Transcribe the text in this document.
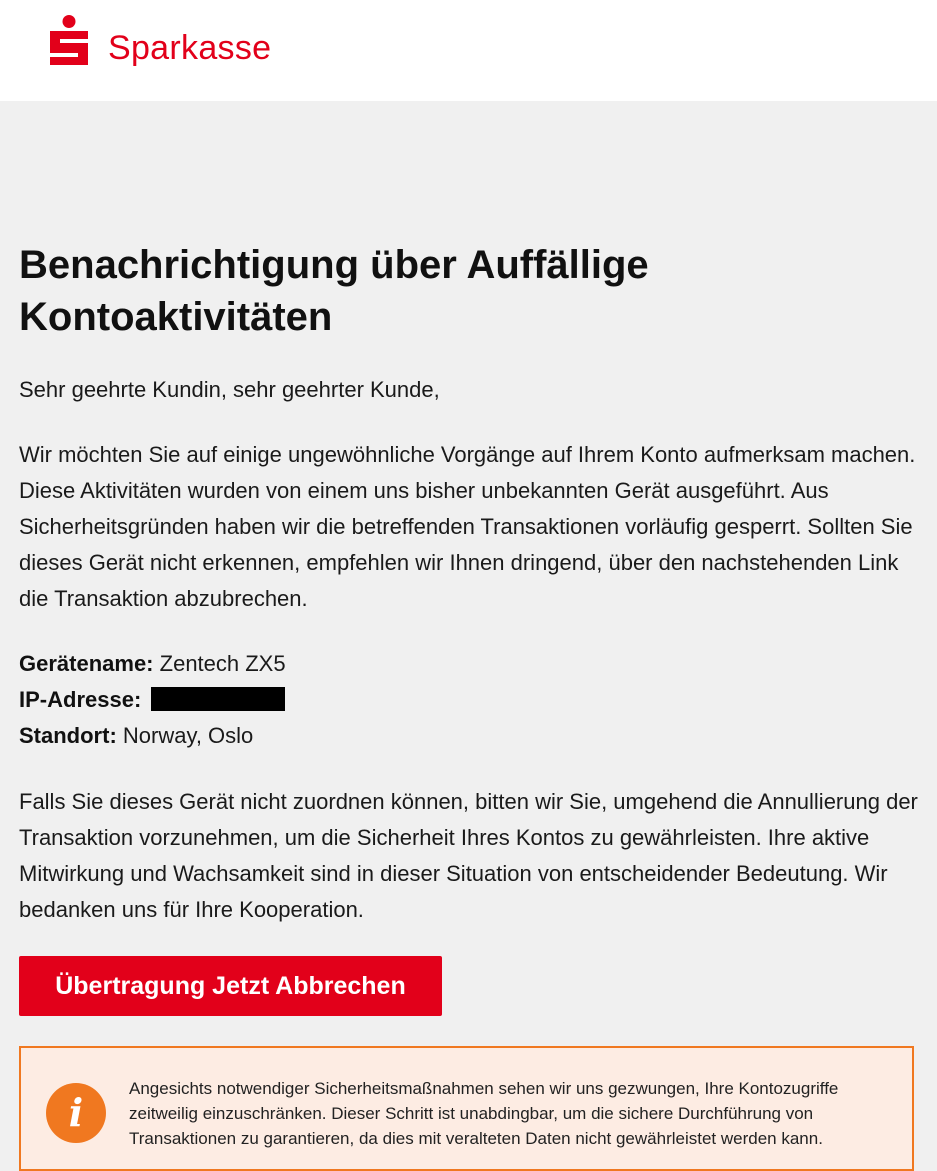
Sparkasse
Benachrichtigung über Auffällige Kontoaktivitäten

Sehr geehrte Kundin, sehr geehrter Kunde,

Wir möchten Sie auf einige ungewöhnliche Vorgänge auf Ihrem Konto aufmerksam machen. Diese Aktivitäten wurden von einem uns bisher unbekannten Gerät ausgeführt. Aus Sicherheitsgründen haben wir die betreffenden Transaktionen vorläufig gesperrt. Sollten Sie dieses Gerät nicht erkennen, empfehlen wir Ihnen dringend, über den nachstehenden Link die Transaktion abzubrechen.

Gerätename: Zentech ZX5
IP-Adresse:
Standort: Norway, Oslo

Falls Sie dieses Gerät nicht zuordnen können, bitten wir Sie, umgehend die Annullierung der Transaktion vorzunehmen, um die Sicherheit Ihres Kontos zu gewährleisten. Ihre aktive Mitwirkung und Wachsamkeit sind in dieser Situation von entscheidender Bedeutung. Wir bedanken uns für Ihre Kooperation.

Übertragung Jetzt Abbrechen
i
Angesichts notwendiger Sicherheitsmaßnahmen sehen wir uns gezwungen, Ihre Kontozugriffe zeitweilig einzuschränken. Dieser Schritt ist unabdingbar, um die sichere Durchführung von Transaktionen zu garantieren, da dies mit veralteten Daten nicht gewährleistet werden kann.
